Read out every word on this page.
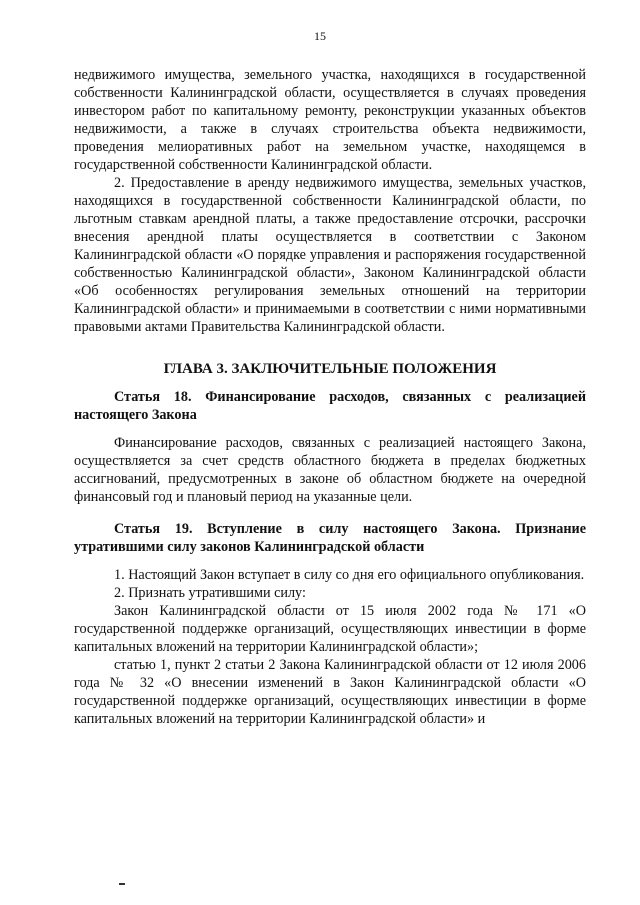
15

недвижимого имущества, земельного участка, находящихся в государственной собственности Калининградской области, осуществляется в случаях проведения инвестором работ по капитальному ремонту, реконструкции указанных объектов недвижимости, а также в случаях строительства объекта недвижимости, проведения мелиоративных работ на земельном участке, находящемся в государственной собственности Калининградской области.

2. Предоставление в аренду недвижимого имущества, земельных участков, находящихся в государственной собственности Калининградской области, по льготным ставкам арендной платы, а также предоставление отсрочки, рассрочки внесения арендной платы осуществляется в соответствии с Законом Калининградской области «О порядке управления и распоряжения государственной собственностью Калининградской области», Законом Калининградской области «Об особенностях регулирования земельных отношений на территории Калининградской области» и принимаемыми в соответствии с ними нормативными правовыми актами Правительства Калининградской области.

ГЛАВА 3. ЗАКЛЮЧИТЕЛЬНЫЕ ПОЛОЖЕНИЯ

Статья 18. Финансирование расходов, связанных с реализацией настоящего Закона

Финансирование расходов, связанных с реализацией настоящего Закона, осуществляется за счет средств областного бюджета в пределах бюджетных ассигнований, предусмотренных в законе об областном бюджете на очередной финансовый год и плановый период на указанные цели.

Статья 19. Вступление в силу настоящего Закона. Признание утратившими силу законов Калининградской области

1. Настоящий Закон вступает в силу со дня его официального опубликования.

2. Признать утратившими силу:

Закон Калининградской области от 15 июля 2002 года № 171 «О государственной поддержке организаций, осуществляющих инвестиции в форме капитальных вложений на территории Калининградской области»;

статью 1, пункт 2 статьи 2 Закона Калининградской области от 12 июля 2006 года № 32 «О внесении изменений в Закон Калининградской области «О государственной поддержке организаций, осуществляющих инвестиции в форме капитальных вложений на территории Калининградской области» и
